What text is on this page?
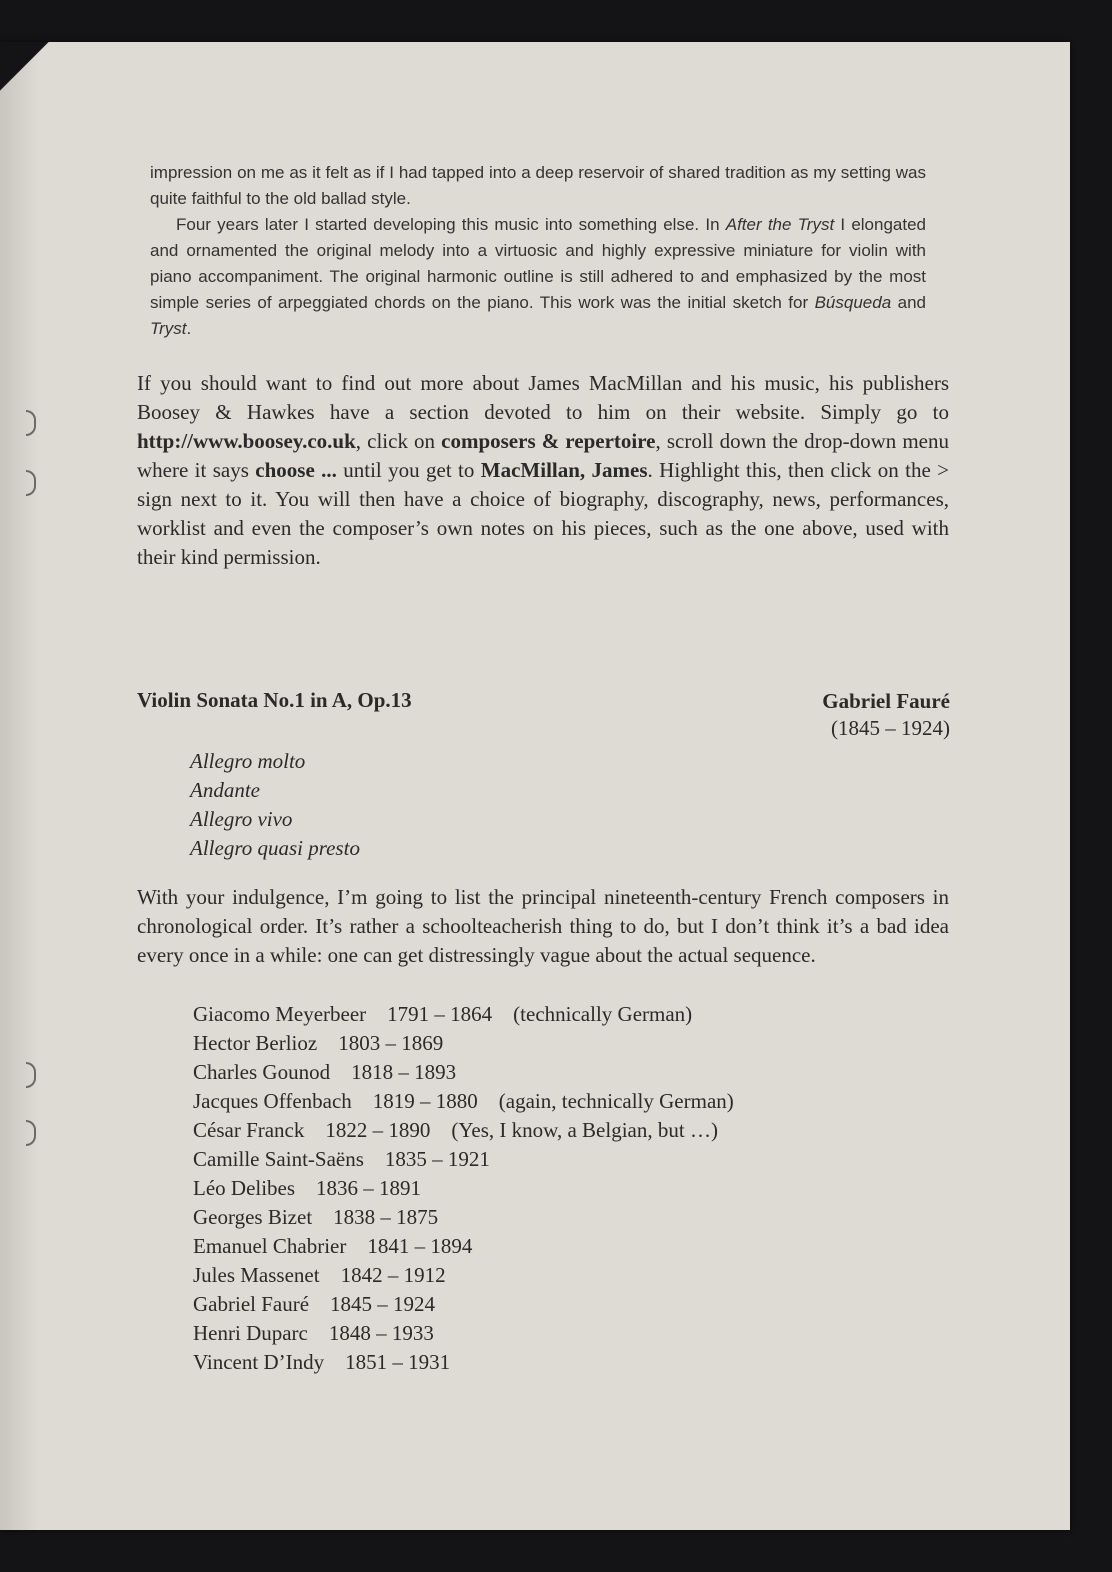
impression on me as it felt as if I had tapped into a deep reservoir of shared tradition as my setting was quite faithful to the old ballad style.

Four years later I started developing this music into something else. In After the Tryst I elongated and ornamented the original melody into a virtuosic and highly expressive miniature for violin with piano accompaniment. The original harmonic outline is still adhered to and emphasized by the most simple series of arpeggiated chords on the piano. This work was the initial sketch for Búsqueda and Tryst.

If you should want to find out more about James MacMillan and his music, his publishers Boosey & Hawkes have a section devoted to him on their website. Simply go to http://www.boosey.co.uk, click on composers & repertoire, scroll down the drop-down menu where it says choose ... until you get to MacMillan, James. Highlight this, then click on the > sign next to it. You will then have a choice of biography, discography, news, performances, worklist and even the composer’s own notes on his pieces, such as the one above, used with their kind permission.

Violin Sonata No.1 in A, Op.13	Gabriel Fauré
(1845 – 1924)
Allegro molto
Andante
Allegro vivo
Allegro quasi presto

With your indulgence, I’m going to list the principal nineteenth-century French composers in chronological order. It’s rather a schoolteacherish thing to do, but I don’t think it’s a bad idea every once in a while: one can get distressingly vague about the actual sequence.

Giacomo Meyerbeer    1791 – 1864    (technically German)
Hector Berlioz    1803 – 1869
Charles Gounod    1818 – 1893
Jacques Offenbach    1819 – 1880    (again, technically German)
César Franck    1822 – 1890    (Yes, I know, a Belgian, but …)
Camille Saint-Saëns    1835 – 1921
Léo Delibes    1836 – 1891
Georges Bizet    1838 – 1875
Emanuel Chabrier    1841 – 1894
Jules Massenet    1842 – 1912
Gabriel Fauré    1845 – 1924
Henri Duparc    1848 – 1933
Vincent D’Indy    1851 – 1931
